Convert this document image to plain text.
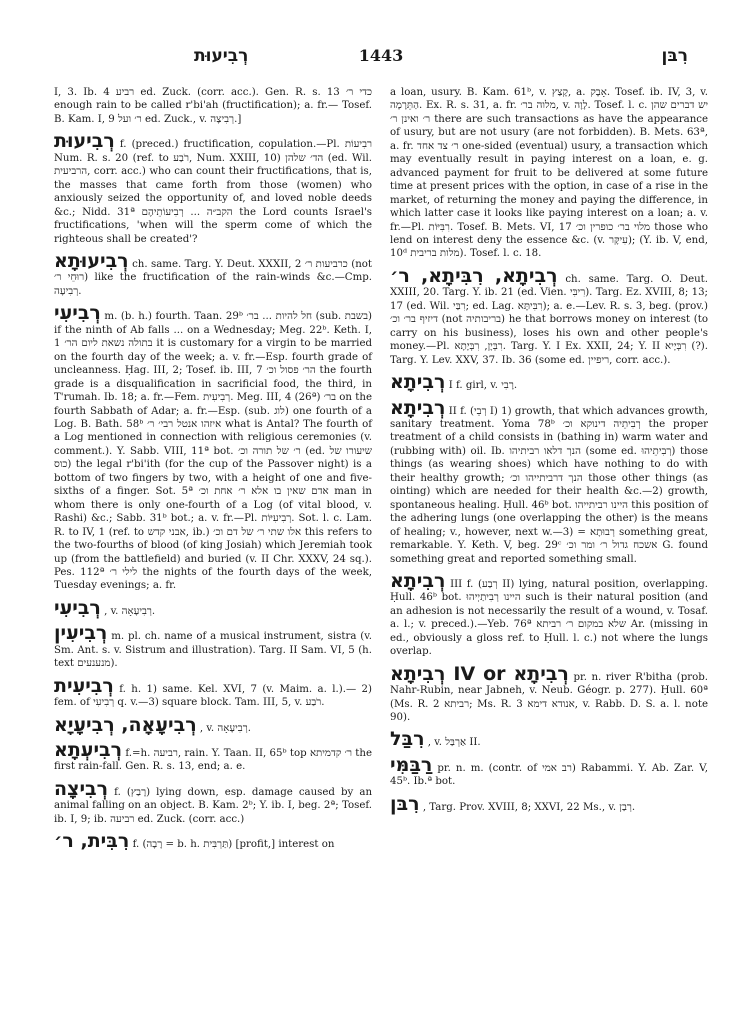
רְבִיעוּת	1443	רִבּן

I, 3. Ib. 4 רביע ed. Zuck. (corr. acc.). Gen. R. s. 13 כדי ר׳ enough rain to be called r'bi'ah (fructification); a. fr.— Tosef. B. Kam. I, 9 ר׳ ועל ed. Zuck., v. רְבִיצָה.]

רְבִיעוּת f. (preced.) fructification, copulation.—Pl. רבִיעוֹת Num. R. s. 20 (ref. to רֹבַע, Num. XXIII, 10) הד׳ שלהן (ed. Wil. הרביעית, corr. acc.) who can count their fructifications, that is, the masses that came forth from those (women) who anxiously seized the opportunity of, and loved noble deeds &c.; Nidd. 31ª הקב״ה ... רְבִיעוֹתֵיהֶם the Lord counts Israel's fructifications, 'when will the sperm come of which the righteous shall be created'?

רְבִיעוּתָא ch. same. Targ. Y. Deut. XXXII, 2 כרביעות ר׳ (not רוּחֵי ר׳) like the fructification of the rain-winds &c.—Cmp. רְבִיעָה.

רְבִיעִי m. (b. h.) fourth. Taan. 29ᵇ חל להיות ... בר׳ (sub. בשבת) if the ninth of Ab falls ... on a Wednesday; Meg. 22ᵇ. Keth. I, 1 בתולה נשאת ליום הר׳ it is customary for a virgin to be married on the fourth day of the week; a. v. fr.—Esp. fourth grade of uncleanness. Ḥag. III, 2; Tosef. ib. III, 7 הר׳ פסול וכ׳ the fourth grade is a disqualification in sacrificial food, the third, in T'rumah. Ib. 18; a. fr.—Fem. רְבִיעִית. Meg. III, 4 (26ª) בר׳ on the fourth Sabbath of Adar; a. fr.—Esp. (sub. לוג) one fourth of a Log. B. Bath. 58ᵇ איזהו אנטל רבי׳ ר׳ what is Antal? The fourth of a Log mentioned in connection with religious ceremonies (v. comment.). Y. Sabb. VIII, 11ª bot. ר׳ של תורה וכ׳ (ed. שיעורו של כוס) the legal r'bi'ith (for the cup of the Passover night) is a bottom of two fingers by two, with a height of one and five-sixths of a finger. Sot. 5ª אדם שאין בו אלא ר׳ אחת וכ׳ man in whom there is only one-fourth of a Log (of vital blood, v. Rashi) &c.; Sabb. 31ᵇ bot.; a. v. fr.—Pl. רְבִיעִיּוֹת. Sot. l. c. Lam. R. to IV, 1 (ref. to אבני קדש, ib.) אלו שתי ר׳ של דם וכ׳ this refers to the two-fourths of blood (of king Josiah) which Jeremiah took up (from the battlefield) and buried (v. II Chr. XXXV, 24 sq.). Pes. 112ª לילי ר׳ the nights of the fourth days of the week, Tuesday evenings; a. fr.

רְבִיעִי , v. רְבִיעָאָה.

רְבִיעִין m. pl. ch. name of a musical instrument, sistra (v. Sm. Ant. s. v. Sistrum and illustration). Targ. II Sam. VI, 5 (h. text מנענעים).

רְבִיעִית f. h. 1) same. Kel. XVI, 7 (v. Maim. a. l.).— 2) fem. of רְבִיעִי q. v.—3) square block. Tam. III, 5, v. רֹבַע.

רְבִיעָאָה, רְבִיעָיָא , v. רְבִיעָאָה.

רְבִיעְתָא f.=h. רביעה, rain. Y. Taan. II, 65ᵇ top ר׳ קדמיתא the first rain-fall. Gen. R. s. 13, end; a. e.

רְבִיצָה f. (רָבַץ) lying down, esp. damage caused by an animal falling on an object. B. Kam. 2ᵇ; Y. ib. I, beg. 2ª; Tosef. ib. I, 9; ib. רביעה ed. Zuck. (corr. acc.)

רִבִּית, ר׳ f. (רָבָה = b. h. תַּרְבִּית) [profit,] interest on

a loan, usury. B. Kam. 61ᵇ, v. קָצַץ, a. אָבָק. Tosef. ib. IV, 3, v. הַתֵּרָמָה. Ex. R. s. 31, a. fr. מלוה בר׳, v. לָוָה. Tosef. l. c. יש דברים שהן ר׳ ואינן ר׳ there are such transactions as have the appearance of usury, but are not usury (are not forbidden). B. Mets. 63ª, a. fr. ר׳ צד אחד one-sided (eventual) usury, a transaction which may eventually result in paying interest on a loan, e. g. advanced payment for fruit to be delivered at some future time at present prices with the option, in case of a rise in the market, of returning the money and paying the difference, in which latter case it looks like paying interest on a loan; a. v. fr.—Pl. רִבִּיּוֹת. Tosef. B. Mets. VI, 17 מלוי בר׳ כופרין וכ׳ those who lend on interest deny the essence &c. (v. עִיקָּר); (Y. ib. V, end, 10ᵈ מלות בריבית). Tosef. l. c. 18.

רְבִיתָא, רִבִּיתָא, ר׳ ch. same. Targ. O. Deut. XXIII, 20. Targ. Y. ib. 21 (ed. Vien. רִיבִּי). Targ. Ez. XVIII, 8; 13; 17 (ed. Wil. רִבַּי; ed. Lag. רִבִּיתָּא); a. e.—Lev. R. s. 3, beg. (prov.) דיזיף בר׳ וכ׳ (not בריבותיה) he that borrows money on interest (to carry on his business), loses his own and other people's money.—Pl. רִבְּיָן, רִבְּיָתָא. Targ. Y. I Ex. XXII, 24; Y. II רִבְּיָיא (?). Targ. Y. Lev. XXV, 37. Ib. 36 (some ed. ריפיין, corr. acc.).

רְבִיתָא I f. girl, v. רָבִי.

רְבִיתָא II f. (רְבֵי I) 1) growth, that which advances growth, sanitary treatment. Yoma 78ᵇ רְבִיתֵיה דינוקא וכ׳ the proper treatment of a child consists in (bathing in) warm water and (rubbing with) oil. Ib. הנך דלאו רביתיהו (some ed. רְבִיתֵיהוּ) those things (as wearing shoes) which have nothing to do with their healthy growth; הנך דרביתייהו וכ׳ those other things (as ointing) which are needed for their health &c.—2) growth, spontaneous healing. Ḥull. 46ᵇ bot. היינו רביתייהו this position of the adhering lungs (one overlapping the other) is the means of healing; v., however, next w.—3) = רְבוּתָא something great, remarkable. Y. Keth. V, beg. 29ᶜ אשכח גדול ר׳ ומר וכ׳ G. found something great and reported something small.

רְבִיתָא III f. (רְבַע II) lying, natural position, overlapping. Ḥull. 46ᵇ bot. היינו רְבִיתַיְיהוּ such is their natural position (and an adhesion is not necessarily the result of a wound, v. Tosaf. a. l.; v. preced.).—Yeb. 76ª שלא במקום ר׳ רביתא Ar. (missing in ed., obviously a gloss ref. to Ḥull. l. c.) not where the lungs overlap.

רְבִיתָא IV or רְבִיתָא pr. n. river R'bitha (prob. Nahr-Rubin, near Jabneh, v. Neub. Géogr. p. 277). Ḥull. 60ª (Ms. R. 2 רביתא; Ms. R. 3 אנודא דימא, v. Rabb. D. S. a. l. note 90).

רִבַּל , v. אַרְבַּל II.

רַבַּמִּי pr. n. m. (contr. of רב אמי) Rabammi. Y. Ab. Zar. V, 45ᵇ. Ib.ª bot.

רִבּן , Targ. Prov. XVIII, 8; XXVI, 22 Ms., v. רְבַן.
